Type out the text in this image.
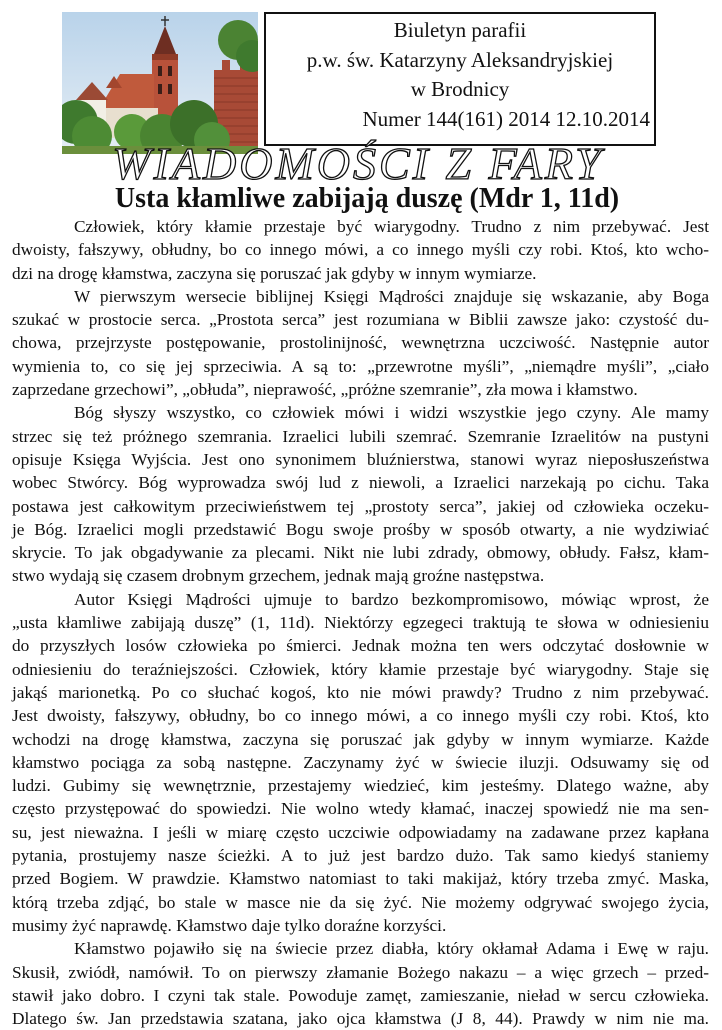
Biuletyn parafii
p.w. św. Katarzyny Aleksandryjskiej
w Brodnicy
Numer 144(161) 2014 12.10.2014
WIADOMOŚCI Z FARY
Usta kłamliwe zabijają duszę (Mdr 1, 11d)
Człowiek, który kłamie przestaje być wiarygodny. Trudno z nim przebywać. Jest
dwoisty, fałszywy, obłudny, bo co innego mówi, a co innego myśli czy robi. Ktoś, kto wcho-
dzi na drogę kłamstwa, zaczyna się poruszać jak gdyby w innym wymiarze.
W pierwszym wersecie biblijnej Księgi Mądrości znajduje się wskazanie, aby Boga
szukać w prostocie serca. „Prostota serca” jest rozumiana w Biblii zawsze jako: czystość du-
chowa, przejrzyste postępowanie, prostolinijność, wewnętrzna uczciwość. Następnie autor
wymienia to, co się jej sprzeciwia. A są to: „przewrotne myśli”, „niemądre myśli”, „ciało
zaprzedane grzechowi”, „obłuda”, nieprawość, „próżne szemranie”, zła mowa i kłamstwo.
Bóg słyszy wszystko, co człowiek mówi i widzi wszystkie jego czyny. Ale mamy
strzec się też próżnego szemrania. Izraelici lubili szemrać. Szemranie Izraelitów na pustyni
opisuje Księga Wyjścia. Jest ono synonimem bluźnierstwa, stanowi wyraz nieposłuszeństwa
wobec Stwórcy. Bóg wyprowadza swój lud z niewoli, a Izraelici narzekają po cichu. Taka
postawa jest całkowitym przeciwieństwem tej „prostoty serca”, jakiej od człowieka oczeku-
je Bóg. Izraelici mogli przedstawić Bogu swoje prośby w sposób otwarty, a nie wydziwiać
skrycie. To jak obgadywanie za plecami. Nikt nie lubi zdrady, obmowy, obłudy. Fałsz, kłam-
stwo wydają się czasem drobnym grzechem, jednak mają groźne następstwa.
Autor Księgi Mądrości ujmuje to bardzo bezkompromisowo, mówiąc wprost, że
„usta kłamliwe zabijają duszę” (1, 11d). Niektórzy egzegeci traktują te słowa w odniesieniu
do przyszłych losów człowieka po śmierci. Jednak można ten wers odczytać dosłownie w
odniesieniu do teraźniejszości. Człowiek, który kłamie przestaje być wiarygodny. Staje się
jakąś marionetką. Po co słuchać kogoś, kto nie mówi prawdy? Trudno z nim przebywać.
Jest dwoisty, fałszywy, obłudny, bo co innego mówi, a co innego myśli czy robi. Ktoś, kto
wchodzi na drogę kłamstwa, zaczyna się poruszać jak gdyby w innym wymiarze. Każde
kłamstwo pociąga za sobą następne. Zaczynamy żyć w świecie iluzji. Odsuwamy się od
ludzi. Gubimy się wewnętrznie, przestajemy wiedzieć, kim jesteśmy. Dlatego ważne, aby
często przystępować do spowiedzi. Nie wolno wtedy kłamać, inaczej spowiedź nie ma sen-
su, jest nieważna. I jeśli w miarę często uczciwie odpowiadamy na zadawane przez kapłana
pytania, prostujemy nasze ścieżki. A to już jest bardzo dużo. Tak samo kiedyś staniemy
przed Bogiem. W prawdzie. Kłamstwo natomiast to taki makijaż, który trzeba zmyć. Maska,
którą trzeba zdjąć, bo stale w masce nie da się żyć. Nie możemy odgrywać swojego życia,
musimy żyć naprawdę. Kłamstwo daje tylko doraźne korzyści.
Kłamstwo pojawiło się na świecie przez diabła, który okłamał Adama i Ewę w raju.
Skusił, zwiódł, namówił. To on pierwszy złamanie Bożego nakazu – a więc grzech – przed-
stawił jako dobro. I czyni tak stale. Powoduje zamęt, zamieszanie, nieład w sercu człowieka.
Dlatego św. Jan przedstawia szatana, jako ojca kłamstwa (J 8, 44). Prawdy w nim nie ma.
